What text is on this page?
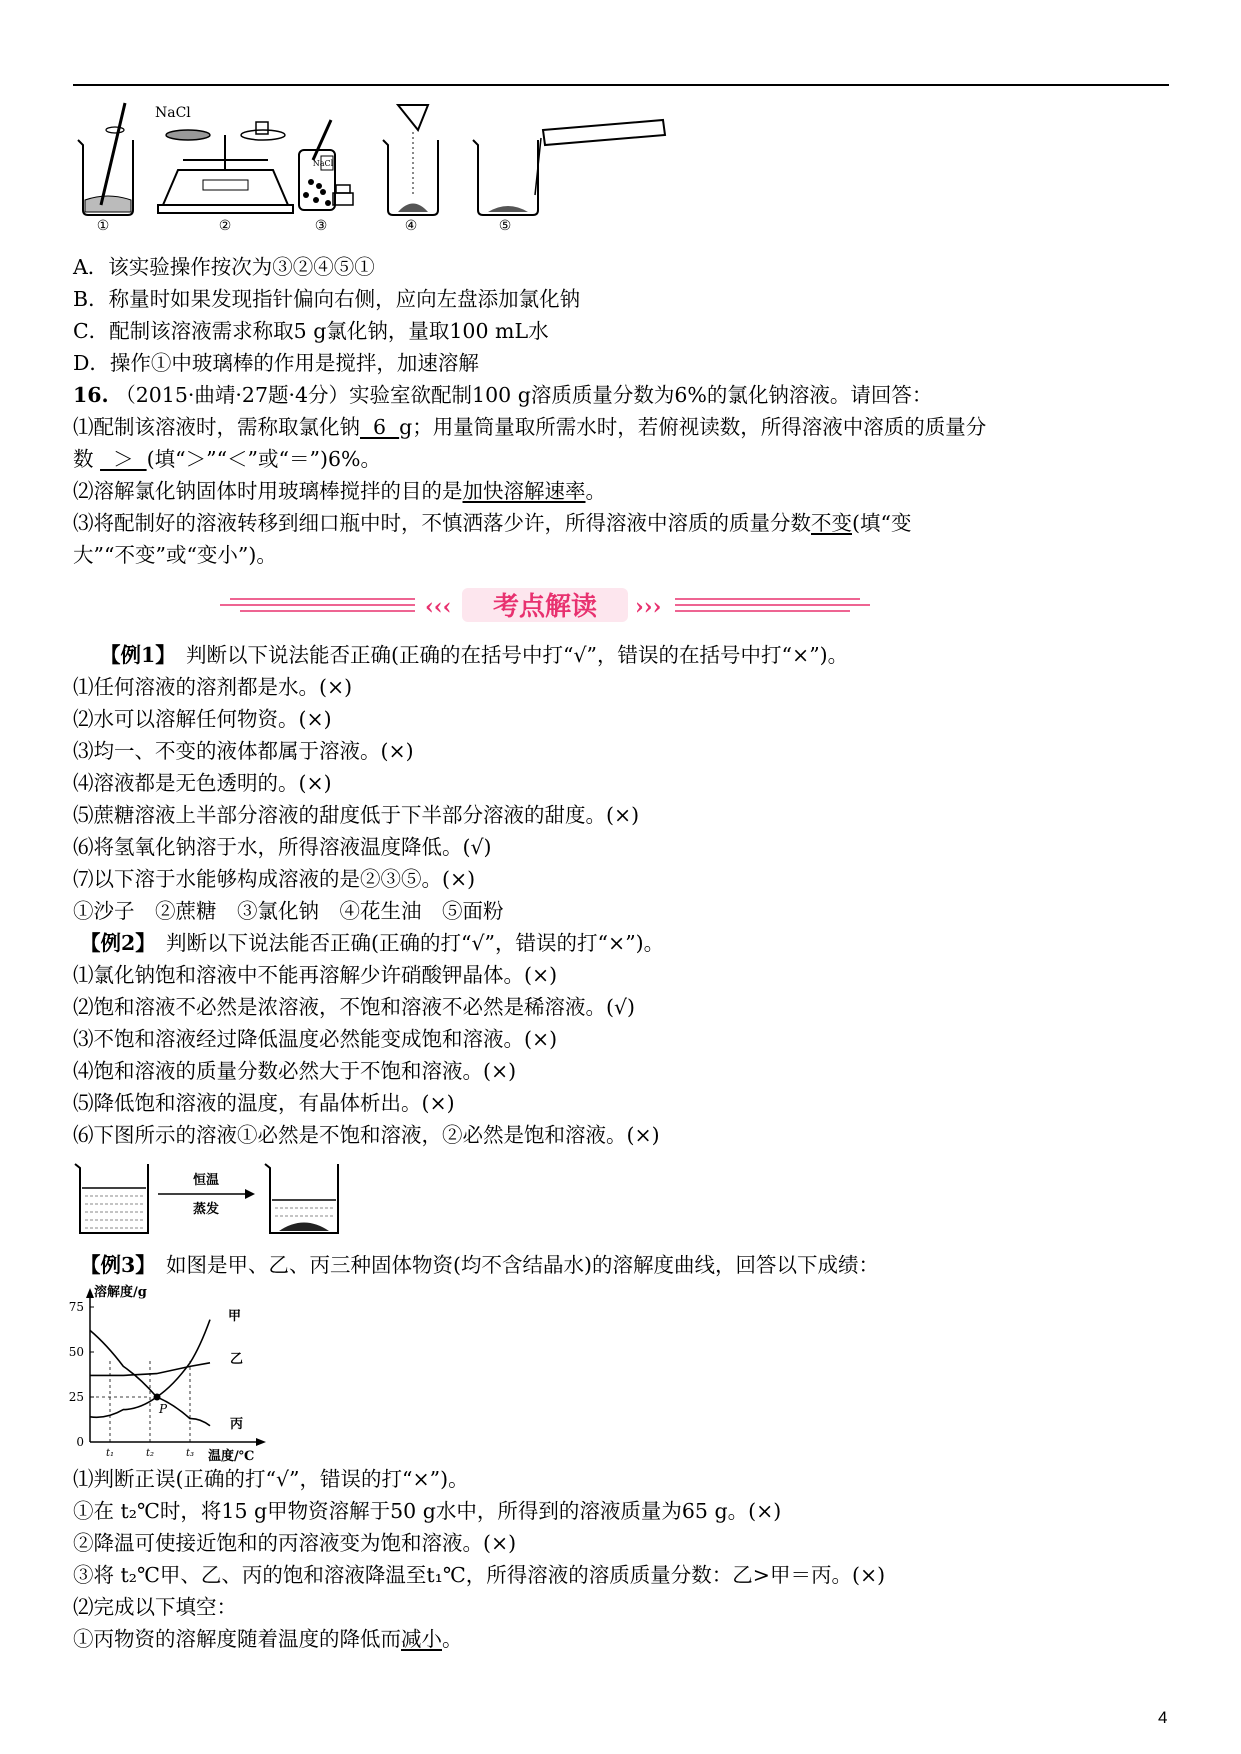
①
NaCl
②
NaCl
③	④	⑤
A．该实验操作按次为③②④⑤①
B．称量时如果发现指针偏向右侧，应向左盘添加氯化钠
C．配制该溶液需求称取5 g氯化钠，量取100 mL水
D．操作①中玻璃棒的作用是搅拌，加速溶解
16. （2015·曲靖·27题·4分）实验室欲配制100 g溶质质量分数为6%的氯化钠溶液。请回答：
⑴配制该溶液时，需称取氯化钠  6  g；用量筒量取所需水时，若俯视读数，所得溶液中溶质的质量分
数   ＞  (填“＞”“＜”或“＝”)6%。
⑵溶解氯化钠固体时用玻璃棒搅拌的目的是加快溶解速率。
⑶将配制好的溶液转移到细口瓶中时，不慎洒落少许，所得溶液中溶质的质量分数不变(填“变
大”“不变”或“变小”)。
‹‹‹ 考点解读 ›››
【例1】　 判断以下说法能否正确(正确的在括号中打“√”，错误的在括号中打“×”)。
⑴任何溶液的溶剂都是水。(×)
⑵水可以溶解任何物资。(×)
⑶均一、不变的液体都属于溶液。(×)
⑷溶液都是无色透明的。(×)
⑸蔗糖溶液上半部分溶液的甜度低于下半部分溶液的甜度。(×)
⑹将氢氧化钠溶于水，所得溶液温度降低。(√)
⑺以下溶于水能够构成溶液的是②③⑤。(×)
①沙子　②蔗糖　③氯化钠　④花生油　⑤面粉
【例2】　 判断以下说法能否正确(正确的打“√”，错误的打“×”)。
⑴氯化钠饱和溶液中不能再溶解少许硝酸钾晶体。(×)
⑵饱和溶液不必然是浓溶液，不饱和溶液不必然是稀溶液。(√)
⑶不饱和溶液经过降低温度必然能变成饱和溶液。(×)
⑷饱和溶液的质量分数必然大于不饱和溶液。(×)
⑸降低饱和溶液的温度，有晶体析出。(×)
⑹下图所示的溶液①必然是不饱和溶液，②必然是饱和溶液。(×)
恒温
蒸发
【例3】　 如图是甲、乙、丙三种固体物资(均不含结晶水)的溶解度曲线，回答以下成绩：
溶解度/g
温度/℃
0
25
50
75
t₁	t₂	t₃
甲
乙
丙
P
⑴判断正误(正确的打“√”，错误的打“×”)。
①在 t₂℃时，将15 g甲物资溶解于50 g水中，所得到的溶液质量为65 g。(×)
②降温可使接近饱和的丙溶液变为饱和溶液。(×)
③将 t₂℃甲、乙、丙的饱和溶液降温至t₁℃，所得溶液的溶质质量分数：乙>甲＝丙。(×)
⑵完成以下填空：
①丙物资的溶解度随着温度的降低而减小。
4
